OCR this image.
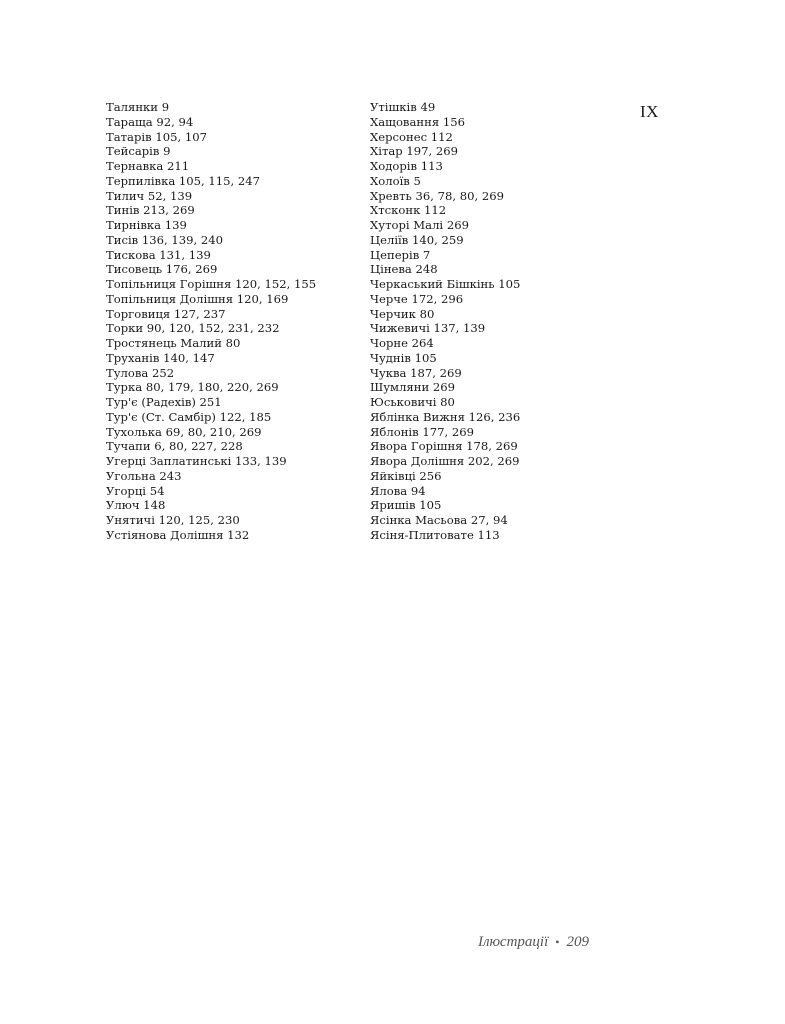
Талянки 9
Таращa 92, 94
Татарів 105, 107
Тейсарів 9
Тернавка 211
Терпилівка 105, 115, 247
Тилич 52, 139
Тинів 213, 269
Тирнівка 139
Тисів 136, 139, 240
Тискова 131, 139
Тисовець 176, 269
Топільниця Горішня 120, 152, 155
Топільниця Долішня 120, 169
Торговиця 127, 237
Торки 90, 120, 152, 231, 232
Тростянець Малий 80
Труханів 140, 147
Тулова 252
Турка 80, 179, 180, 220, 269
Тур'є (Радехів) 251
Тур'є (Ст. Самбір) 122, 185
Тухолька 69, 80, 210, 269
Тучапи 6, 80, 227, 228
Угерці Заплатинські 133, 139
Угольна 243
Угорці 54
Улюч 148
Унятичі 120, 125, 230
Устіянова Долішня 132
Утішків 49
Хащовання 156
Херсонес 112
Хітар 197, 269
Ходорів 113
Холоїв 5
Хревть 36, 78, 80, 269
Хтсконк 112
Хуторі Малі 269
Целіїв 140, 259
Цеперів 7
Цінева 248
Черкаський Бішкінь 105
Черче 172, 296
Черчик 80
Чижевичі 137, 139
Чорне 264
Чуднів 105
Чуква 187, 269
Шумляни 269
Юськовичі 80
Яблінка Вижня 126, 236
Яблонів 177, 269
Явора Горішня 178, 269
Явора Долішня 202, 269
Яйківці 256
Ялова 94
Яришів 105
Ясінка Масьова 27, 94
Ясіня-Плитовате 113
IX
Ілюстрації • 209
